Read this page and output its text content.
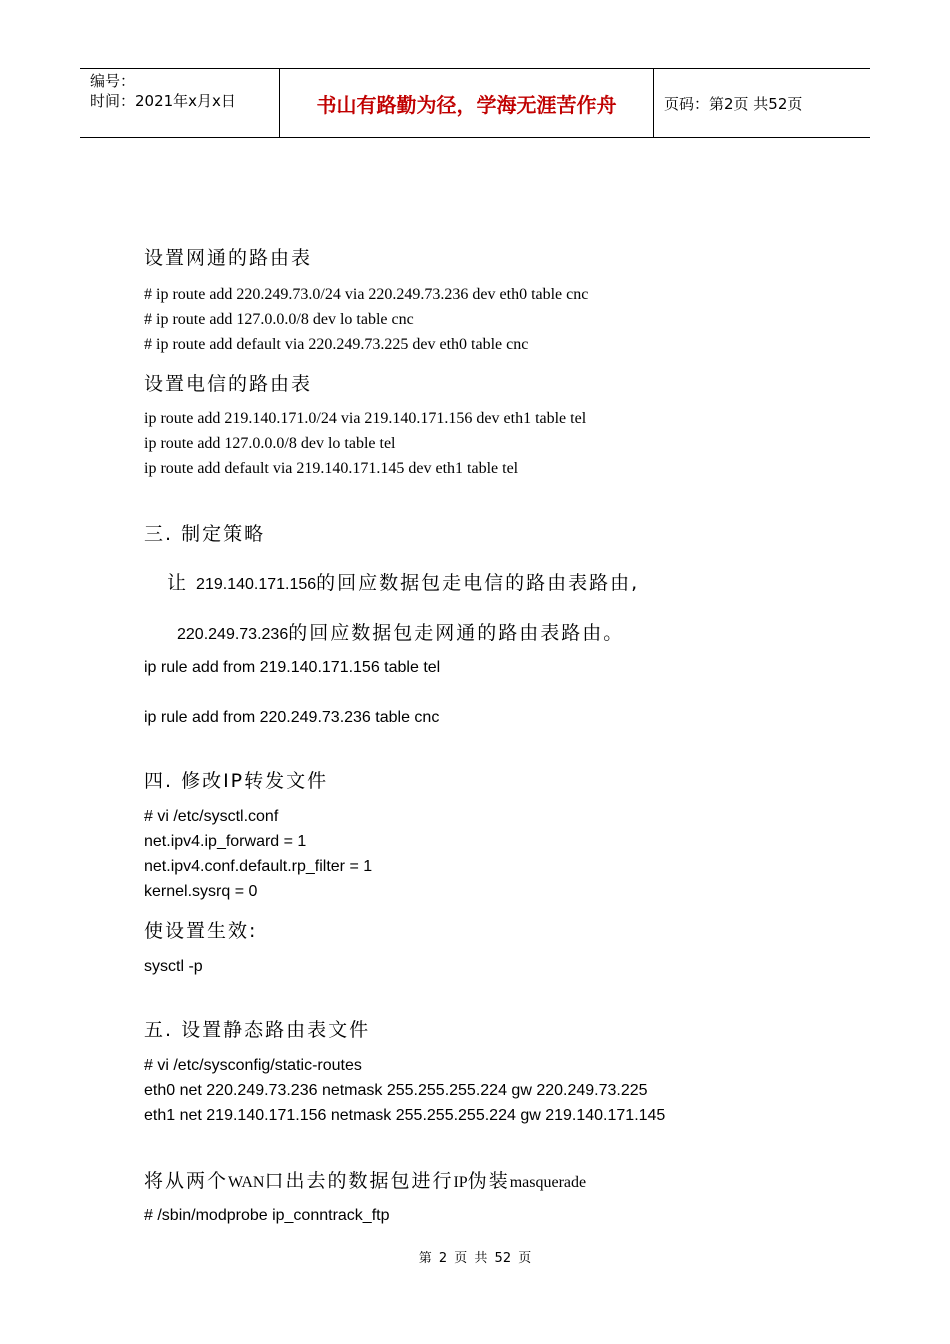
编号：
时间：2021年x月x日	书山有路勤为径，学海无涯苦作舟	页码：第2页 共52页
设置网通的路由表
# ip route add 220.249.73.0/24 via 220.249.73.236 dev eth0 table cnc
# ip route add 127.0.0.0/8 dev lo table cnc
# ip route add default via 220.249.73.225 dev eth0 table cnc
设置电信的路由表
ip route add 219.140.171.0/24 via 219.140.171.156 dev eth1 table tel
ip route add 127.0.0.0/8 dev lo table tel
ip route add default via 219.140.171.145 dev eth1 table tel
三. 制定策略
让 219.140.171.156的回应数据包走电信的路由表路由,
220.249.73.236的回应数据包走网通的路由表路由。
ip rule add from 219.140.171.156 table tel
ip rule add from 220.249.73.236 table cnc
四. 修改IP转发文件
# vi /etc/sysctl.conf
net.ipv4.ip_forward = 1
net.ipv4.conf.default.rp_filter = 1
kernel.sysrq = 0
使设置生效:
sysctl -p
五. 设置静态路由表文件
# vi /etc/sysconfig/static-routes
eth0 net 220.249.73.236 netmask 255.255.255.224 gw 220.249.73.225
eth1 net 219.140.171.156 netmask 255.255.255.224 gw 219.140.171.145
将从两个WAN口出去的数据包进行IP伪装masquerade
# /sbin/modprobe ip_conntrack_ftp
第 2 页 共 52 页
